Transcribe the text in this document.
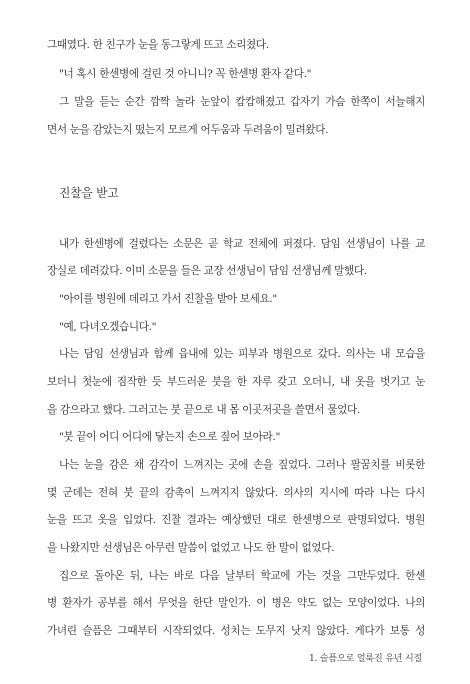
그때였다. 한 친구가 눈을 동그랗게 뜨고 소리쳤다.
"너 혹시 한센병에 걸린 것 아니니? 꼭 한센병 환자 같다."
그 말을 듣는 순간 깜짝 놀라 눈앞이 캄캄해졌고 갑자기 가슴 한쪽이 서늘해지
면서 눈을 감았는지 떴는지 모르게 어두움과 두려움이 밀려왔다.
진찰을 받고
내가 한센병에 걸렸다는 소문은 곧 학교 전체에 퍼졌다. 담임 선생님이 나를 교
장실로 데려갔다. 이미 소문을 들은 교장 선생님이 담임 선생님께 말했다.
"아이를 병원에 데리고 가서 진찰을 받아 보세요."
"예, 다녀오겠습니다."
나는 담임 선생님과 함께 읍내에 있는 피부과 병원으로 갔다. 의사는 내 모습을
보더니 첫눈에 짐작한 듯 부드러운 붓을 한 자루 갖고 오더니, 내 옷을 벗기고 눈
을 감으라고 했다. 그러고는 붓 끝으로 내 몸 이곳저곳을 쓸면서 물었다.
"붓 끝이 어디 어디에 닿는지 손으로 짚어 보아라."
나는 눈을 감은 채 감각이 느껴지는 곳에 손을 짚었다. 그러나 팔꿈치를 비롯한
몇 군데는 전혀 붓 끝의 감촉이 느껴지지 않았다. 의사의 지시에 따라 나는 다시
눈을 뜨고 옷을 입었다. 진찰 결과는 예상했던 대로 한센병으로 판명되었다. 병원
을 나왔지만 선생님은 아무런 말씀이 없었고 나도 한 말이 없었다.
집으로 돌아온 뒤, 나는 바로 다음 날부터 학교에 가는 것을 그만두었다. 한센
병 환자가 공부를 해서 무엇을 한단 말인가. 이 병은 약도 없는 모양이었다. 나의
가녀린 슬픔은 그때부터 시작되었다. 성치는 도무지 낫지 않았다. 게다가 보통 성
1. 슬픔으로 얼룩진 유년 시절
